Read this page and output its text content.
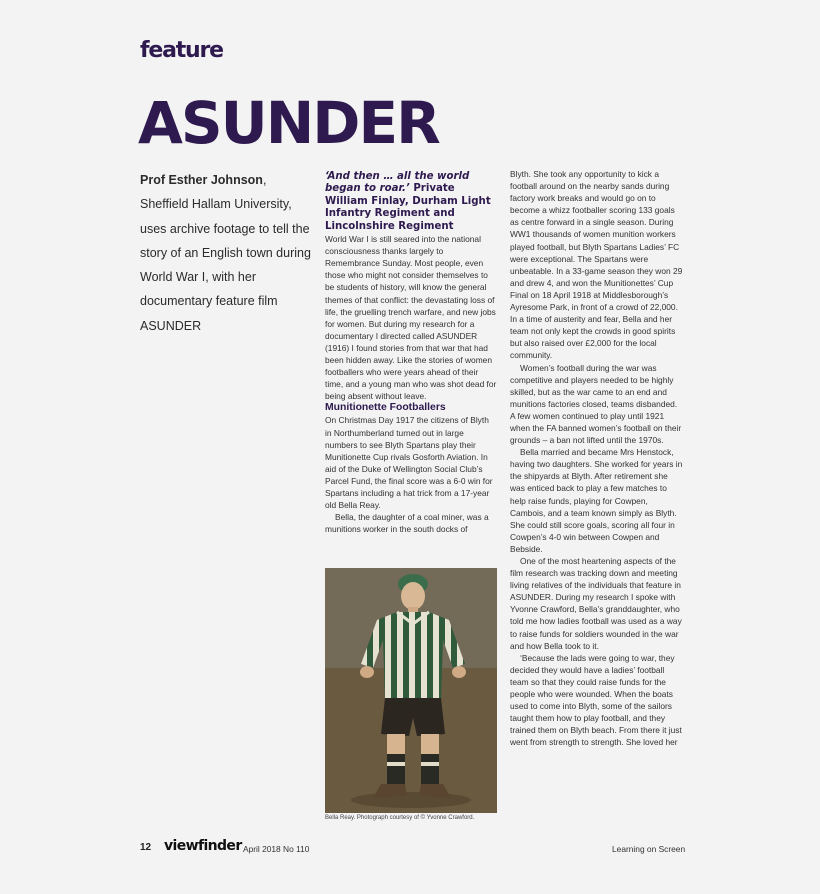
feature
ASUNDER
Prof Esther Johnson, Sheffield Hallam University, uses archive footage to tell the story of an English town during World War I, with her documentary feature film ASUNDER

‘And then … all the world began to roar.’ Private William Finlay, Durham Light Infantry Regiment and Lincolnshire Regiment

World War I is still seared into the national consciousness thanks largely to Remembrance Sunday. Most people, even those who might not consider themselves to be students of history, will know the general themes of that conflict: the devastating loss of life, the gruelling trench warfare, and new jobs for women. But during my research for a documentary I directed called ASUNDER (1916) I found stories from that war that had been hidden away. Like the stories of women footballers who were years ahead of their time, and a young man who was shot dead for being absent without leave.

Munitionette Footballers

On Christmas Day 1917 the citizens of Blyth in Northumberland turned out in large numbers to see Blyth Spartans play their Munitionette Cup rivals Gosforth Aviation. In aid of the Duke of Wellington Social Club’s Parcel Fund, the final score was a 6-0 win for Spartans including a hat trick from a 17-year old Bella Reay.

Bella, the daughter of a coal miner, was a munitions worker in the south docks of

Bella Reay. Photograph courtesy of © Yvonne Crawford.

Blyth. She took any opportunity to kick a football around on the nearby sands during factory work breaks and would go on to become a whizz footballer scoring 133 goals as centre forward in a single season. During WW1 thousands of women munition workers played football, but Blyth Spartans Ladies’ FC were exceptional. The Spartans were unbeatable. In a 33-game season they won 29 and drew 4, and won the Munitionettes’ Cup Final on 18 April 1918 at Middlesborough’s Ayresome Park, in front of a crowd of 22,000. In a time of austerity and fear, Bella and her team not only kept the crowds in good spirits but also raised over £2,000 for the local community.

Women’s football during the war was competitive and players needed to be highly skilled, but as the war came to an end and munitions factories closed, teams disbanded. A few women continued to play until 1921 when the FA banned women’s football on their grounds – a ban not lifted until the 1970s.

Bella married and became Mrs Henstock, having two daughters. She worked for years in the shipyards at Blyth. After retirement she was enticed back to play a few matches to help raise funds, playing for Cowpen, Cambois, and a team known simply as Blyth. She could still score goals, scoring all four in Cowpen’s 4-0 win between Cowpen and Bebside.

One of the most heartening aspects of the film research was tracking down and meeting living relatives of the individuals that feature in ASUNDER. During my research I spoke with Yvonne Crawford, Bella’s granddaughter, who told me how ladies football was used as a way to raise funds for soldiers wounded in the war and how Bella took to it.

‘Because the lads were going to war, they decided they would have a ladies’ football team so that they could raise funds for the people who were wounded. When the boats used to come into Blyth, some of the sailors taught them how to play football, and they trained them on Blyth beach. From there it just went from strength to strength. She loved her

12 viewfinder April 2018 No 110	Learning on Screen
